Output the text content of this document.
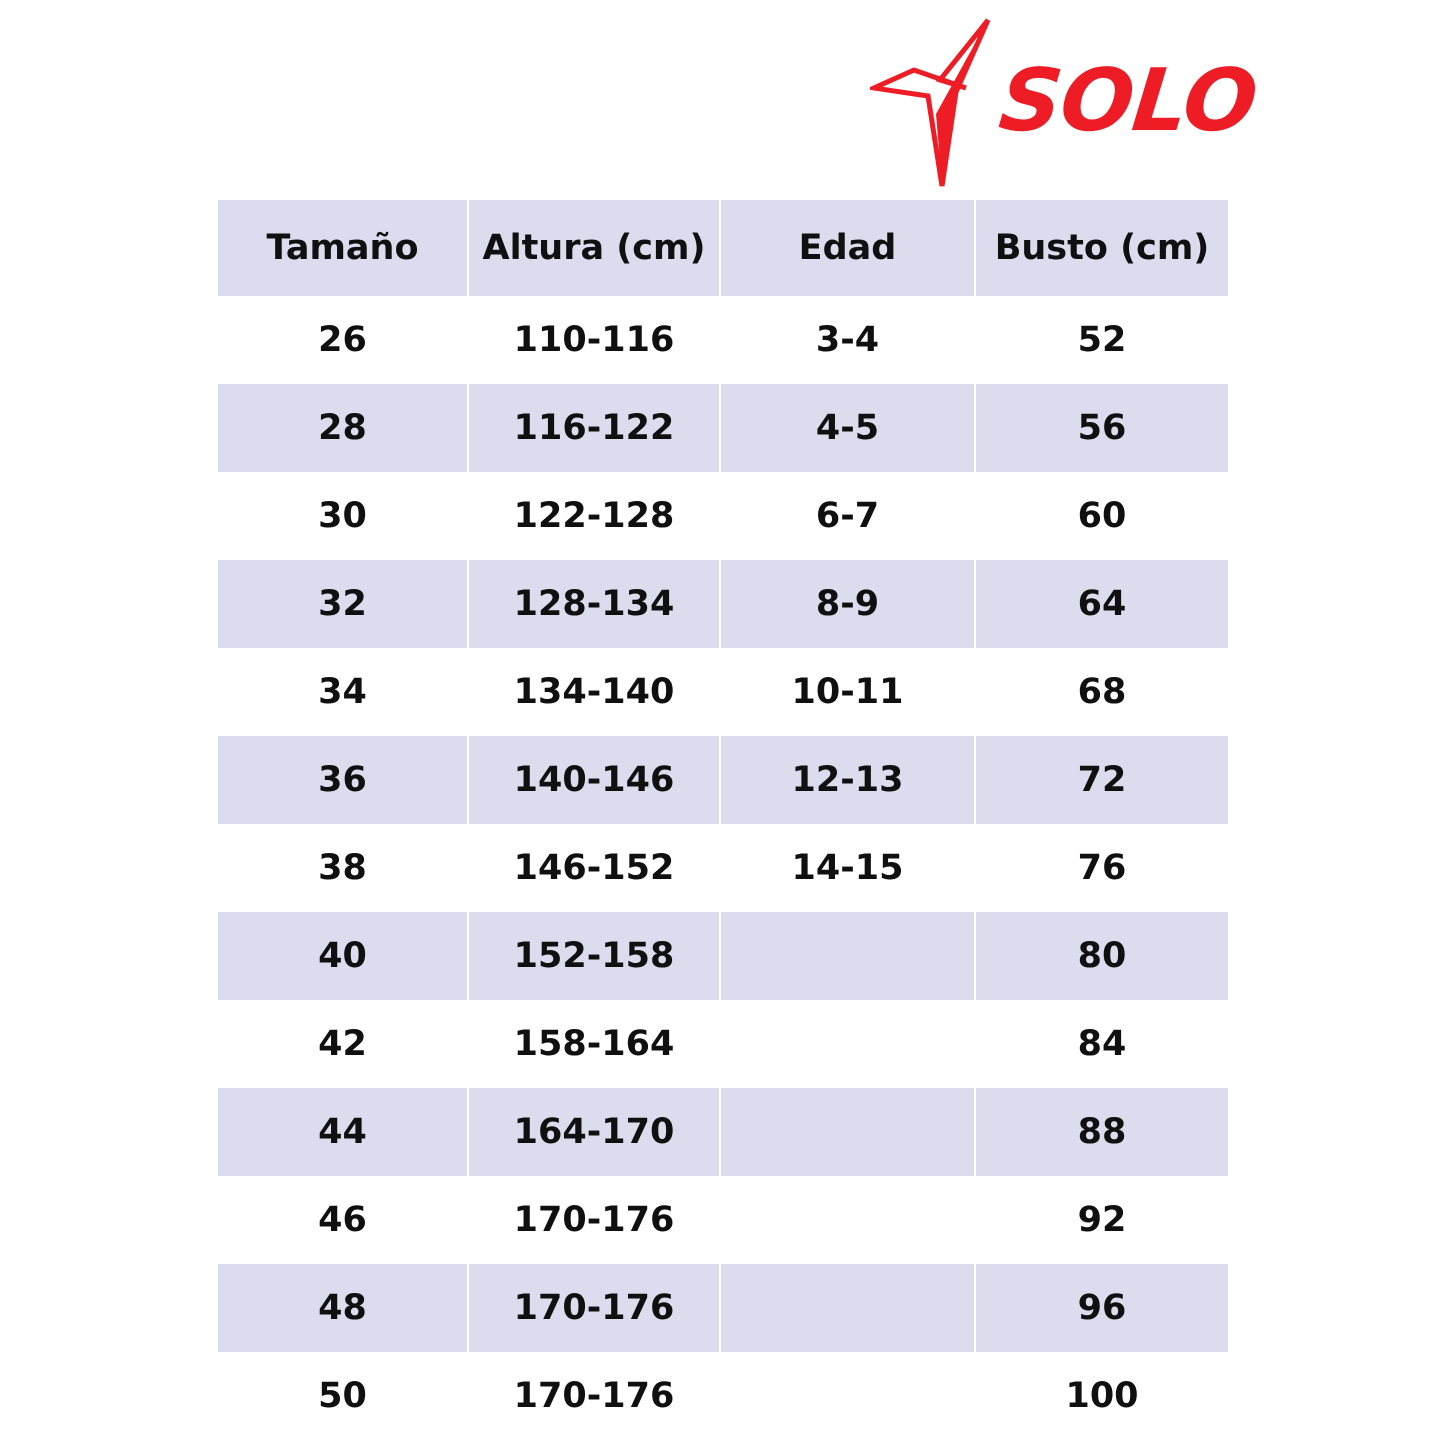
SOLO
Tamaño	Altura (cm)	Edad	Busto (cm)
26	110-116	3-4	52
28	116-122	4-5	56
30	122-128	6-7	60
32	128-134	8-9	64
34	134-140	10-11	68
36	140-146	12-13	72
38	146-152	14-15	76
40	152-158		80
42	158-164		84
44	164-170		88
46	170-176		92
48	170-176		96
50	170-176		100
